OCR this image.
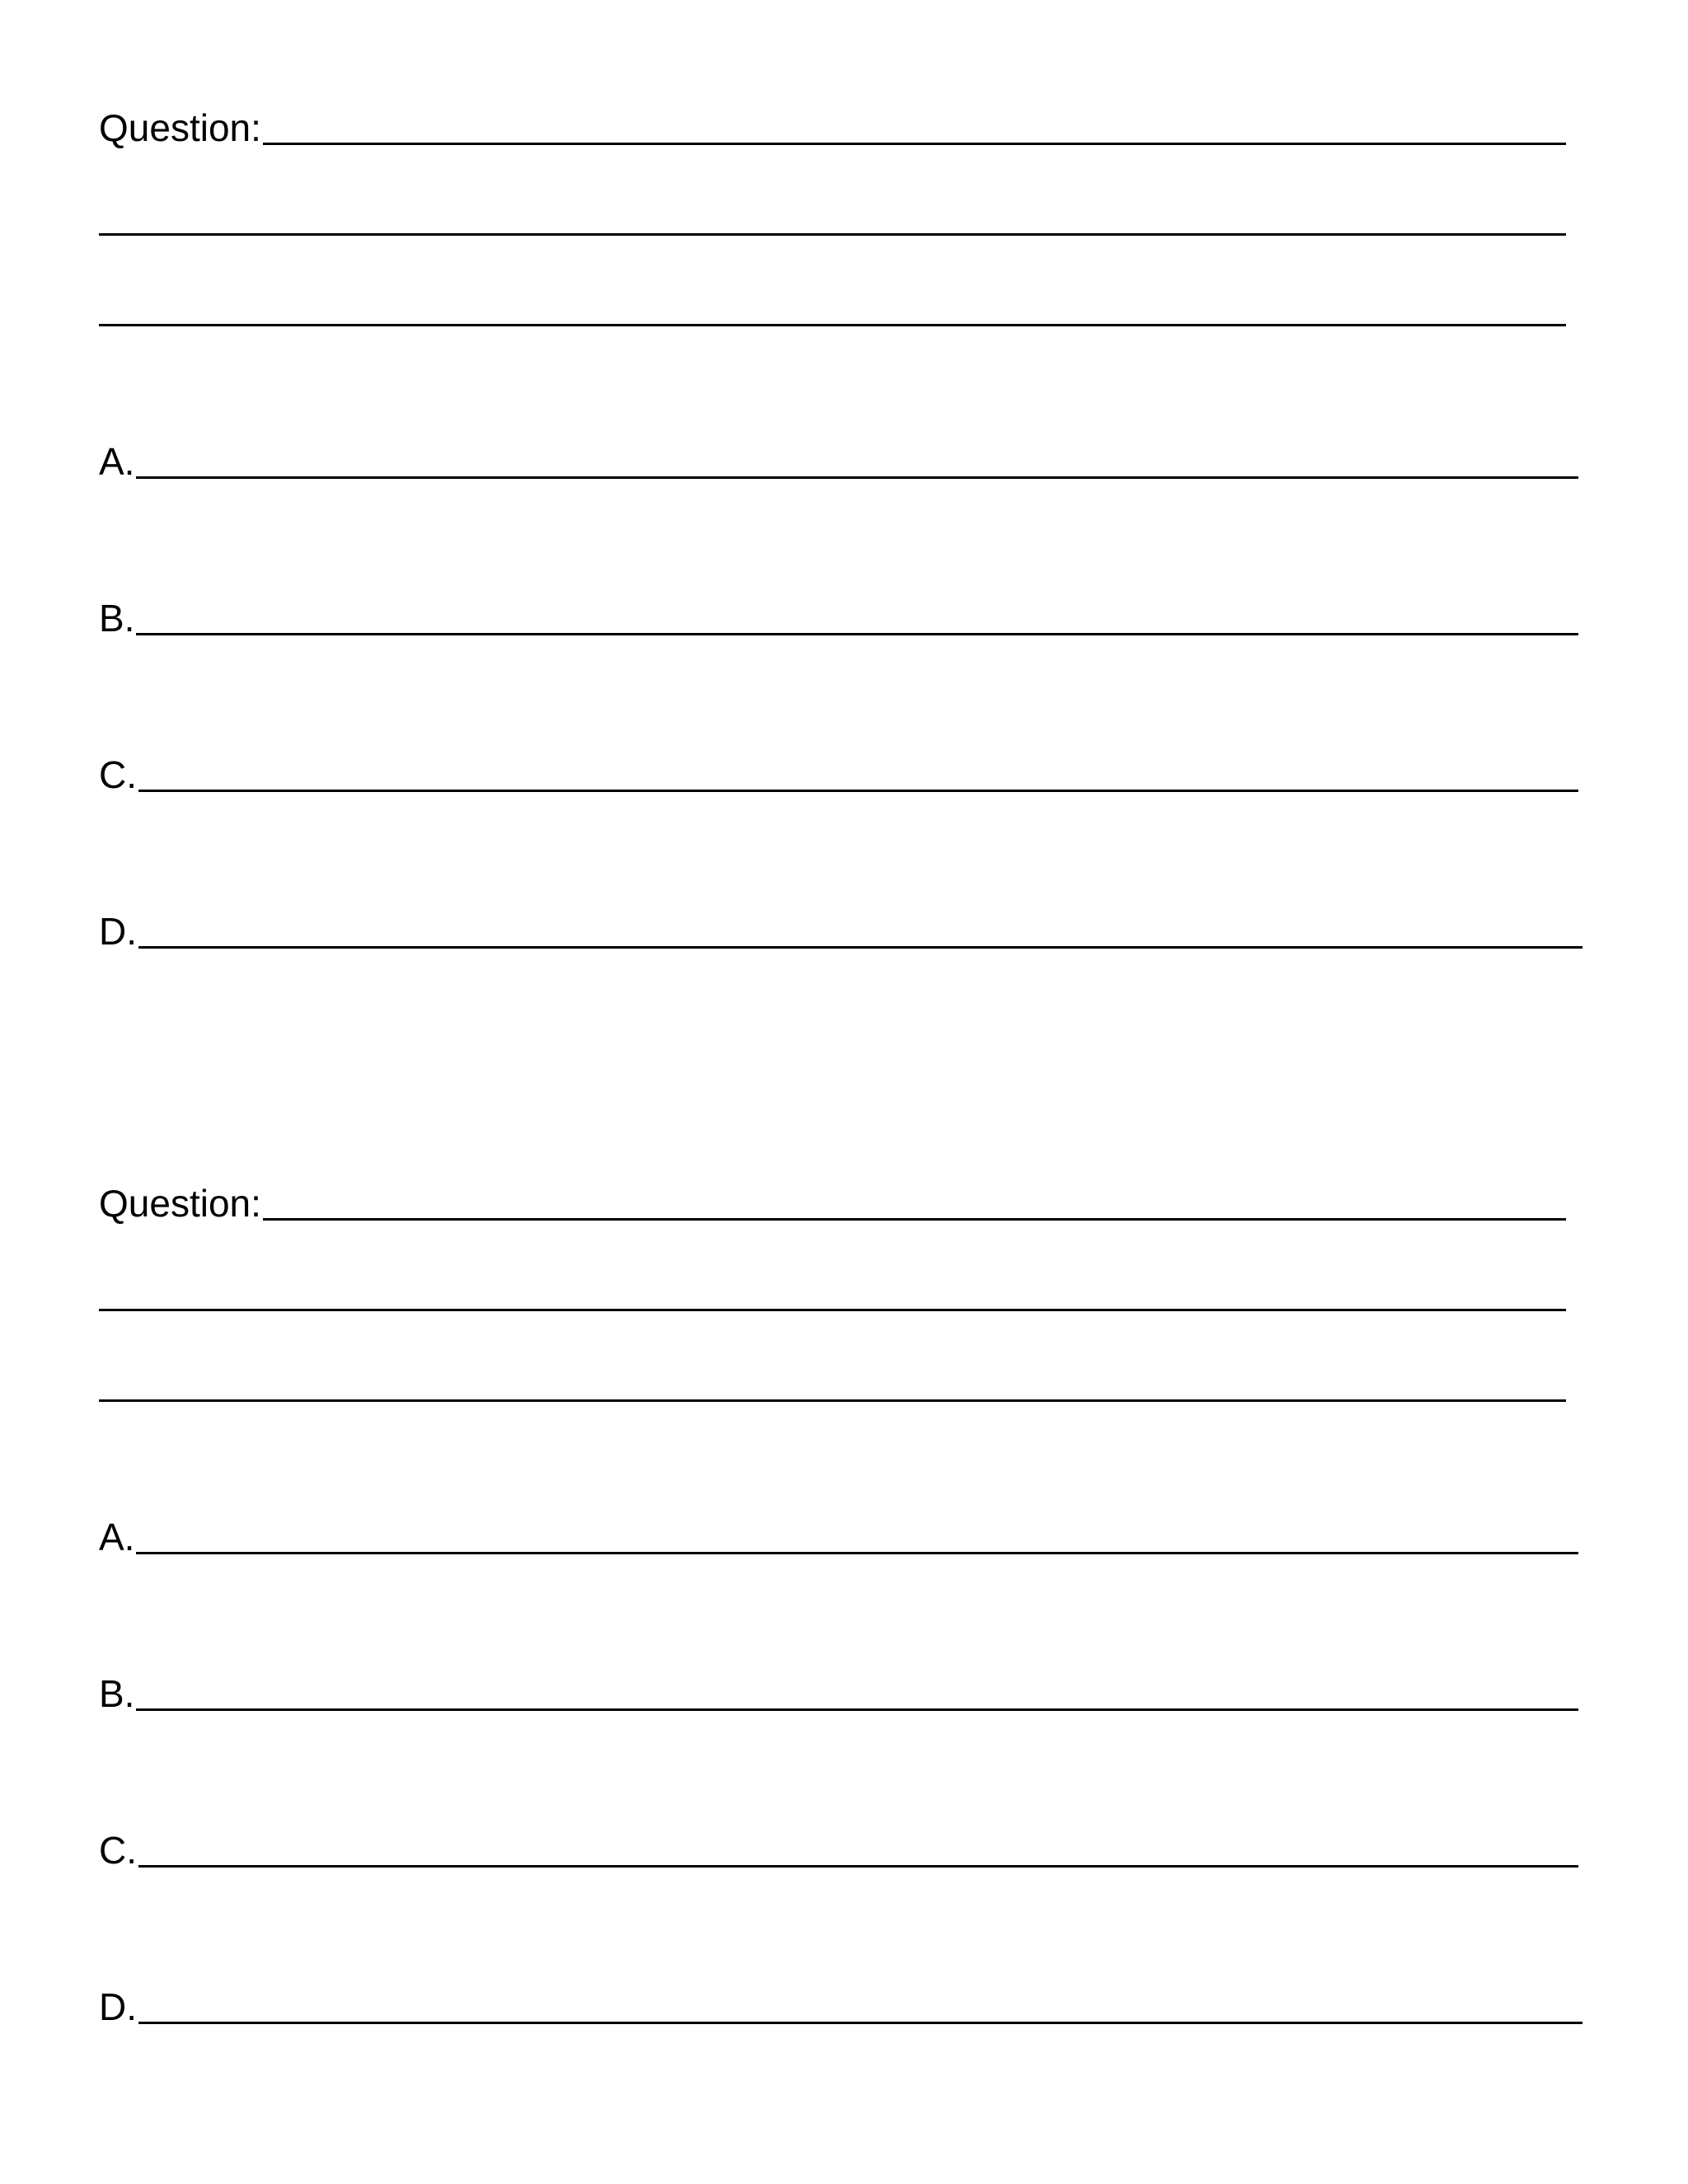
Question:
A.
B.
C.
D.
Question:
A.
B.
C.
D.
